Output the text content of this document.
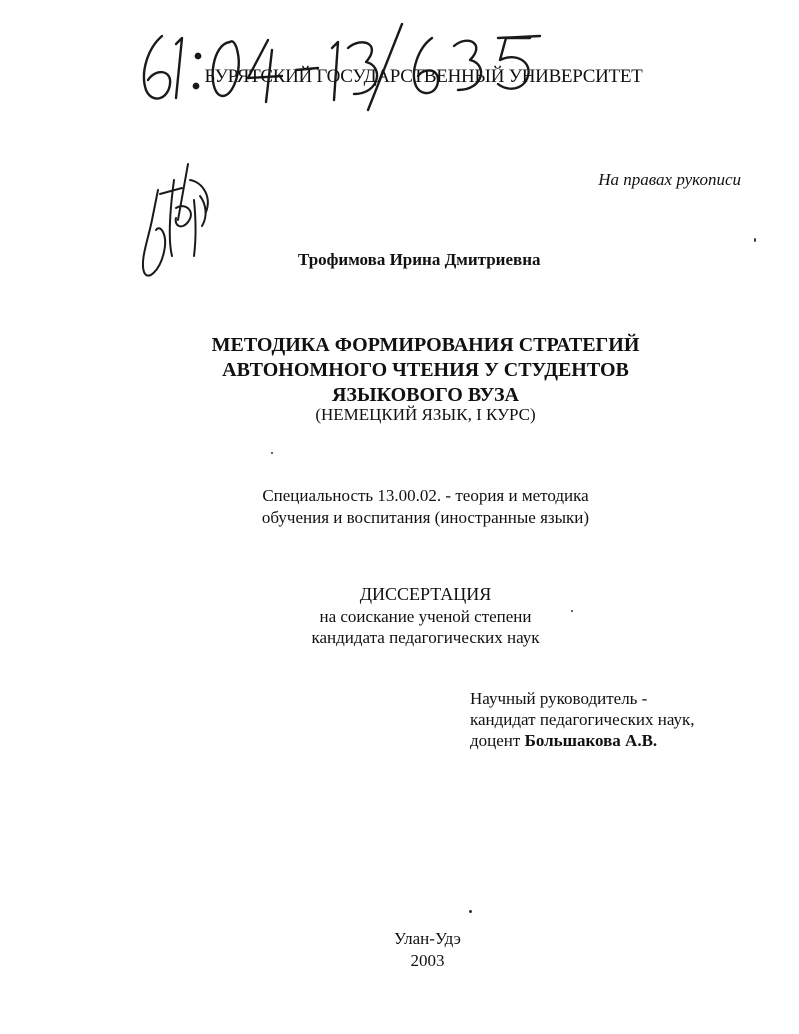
БУРЯТСКИЙ ГОСУДАРСТВЕННЫЙ УНИВЕРСИТЕТ
На правах рукописи
Трофимова Ирина Дмитриевна
МЕТОДИКА ФОРМИРОВАНИЯ СТРАТЕГИЙ
АВТОНОМНОГО ЧТЕНИЯ У СТУДЕНТОВ
ЯЗЫКОВОГО ВУЗА
(НЕМЕЦКИЙ ЯЗЫК, I КУРС)
Специальность 13.00.02. - теория и методика
обучения и воспитания (иностранные языки)
ДИССЕРТАЦИЯ
на соискание ученой степени
кандидата педагогических наук
Научный руководитель -
кандидат педагогических наук,
доцент Большакова А.В.
Улан-Удэ
2003
